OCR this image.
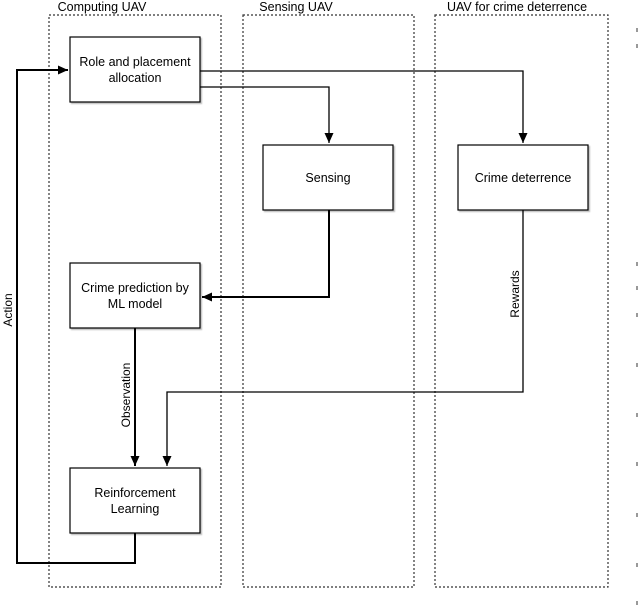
Computing UAV	Sensing UAV	UAV for crime deterrence
Action
Observation
Rewards
Role and placement
allocation
Sensing	Crime deterrence
Crime prediction by
ML model
Reinforcement
Learning
